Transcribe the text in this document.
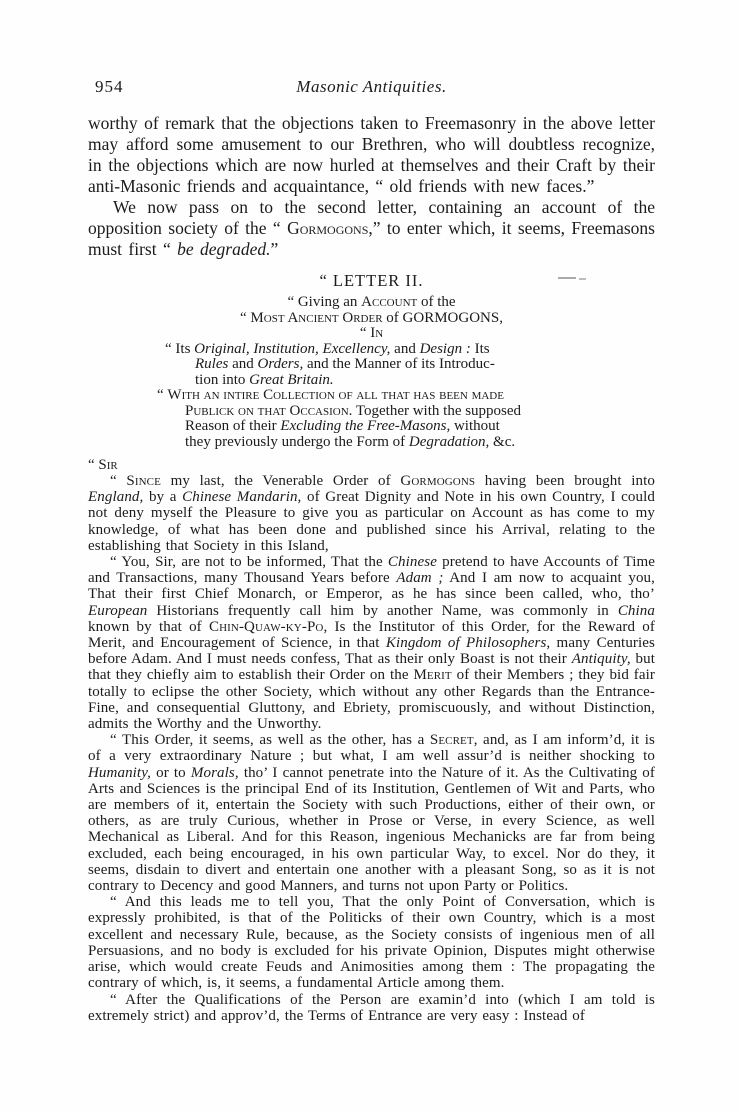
954	Masonic Antiquities.

worthy of remark that the objections taken to Freemasonry in the above letter may afford some amusement to our Brethren, who will doubtless recognize, in the objections which are now hurled at themselves and their Craft by their anti-Masonic friends and acquaintance, “ old friends with new faces.”

We now pass on to the second letter, containing an account of the opposition society of the “ Gormogons,” to enter which, it seems, Freemasons must first “ be degraded.”

“ LETTER II.
“ Giving an Account of the
“ Most Ancient Order of GORMOGONS,
“ In
“ Its Original, Institution, Excellency, and Design : Its
Rules and Orders, and the Manner of its Introduc-
tion into Great Britain.
“ With an intire Collection of all that has been made
Publick on that Occasion. Together with the supposed
Reason of their Excluding the Free-Masons, without
they previously undergo the Form of Degradation, &c.
“ Sir

“ Since my last, the Venerable Order of Gormogons having been brought into England, by a Chinese Mandarin, of Great Dignity and Note in his own Country, I could not deny myself the Pleasure to give you as particular on Account as has come to my knowledge, of what has been done and published since his Arrival, relating to the establishing that Society in this Island,

“ You, Sir, are not to be informed, That the Chinese pretend to have Accounts of Time and Transactions, many Thousand Years before Adam ; And I am now to acquaint you, That their first Chief Monarch, or Emperor, as he has since been called, who, tho’ European Historians frequently call him by another Name, was commonly in China known by that of Chin-Quaw-ky-Po, Is the Institutor of this Order, for the Reward of Merit, and Encouragement of Science, in that Kingdom of Philosophers, many Centuries before Adam. And I must needs confess, That as their only Boast is not their Antiquity, but that they chiefly aim to establish their Order on the Merit of their Members ; they bid fair totally to eclipse the other Society, which without any other Regards than the Entrance-Fine, and consequential Gluttony, and Ebriety, promiscuously, and without Distinction, admits the Worthy and the Unworthy.

“ This Order, it seems, as well as the other, has a Secret, and, as I am inform’d, it is of a very extraordinary Nature ; but what, I am well assur’d is neither shocking to Humanity, or to Morals, tho’ I cannot penetrate into the Nature of it. As the Cultivating of Arts and Sciences is the principal End of its Institution, Gentlemen of Wit and Parts, who are members of it, entertain the Society with such Productions, either of their own, or others, as are truly Curious, whether in Prose or Verse, in every Science, as well Mechanical as Liberal. And for this Reason, ingenious Mechanicks are far from being excluded, each being encouraged, in his own particular Way, to excel. Nor do they, it seems, disdain to divert and entertain one another with a pleasant Song, so as it is not contrary to Decency and good Manners, and turns not upon Party or Politics.

“ And this leads me to tell you, That the only Point of Conversation, which is expressly prohibited, is that of the Politicks of their own Country, which is a most excellent and necessary Rule, because, as the Society consists of ingenious men of all Persuasions, and no body is excluded for his private Opinion, Disputes might otherwise arise, which would create Feuds and Animosities among them : The propagating the contrary of which, is, it seems, a fundamental Article among them.

“ After the Qualifications of the Person are examin’d into (which I am told is extremely strict) and approv’d, the Terms of Entrance are very easy : Instead of
